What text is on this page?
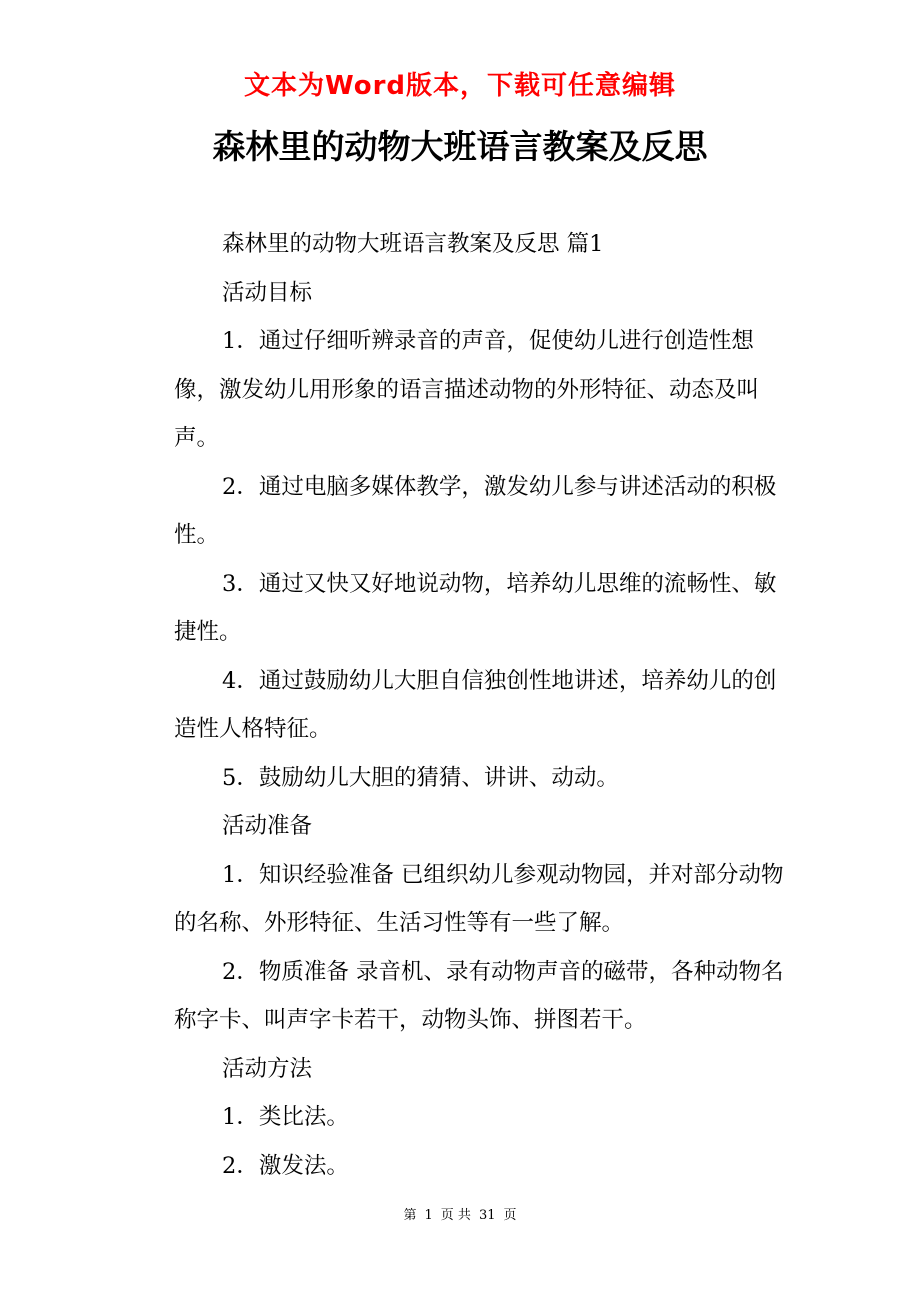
文本为Word版本，下载可任意编辑
森林里的动物大班语言教案及反思

森林里的动物大班语言教案及反思 篇1

活动目标

1．通过仔细听辨录音的声音，促使幼儿进行创造性想像，激发幼儿用形象的语言描述动物的外形特征、动态及叫声。

2．通过电脑多媒体教学，激发幼儿参与讲述活动的积极性。

3．通过又快又好地说动物，培养幼儿思维的流畅性、敏捷性。

4．通过鼓励幼儿大胆自信独创性地讲述，培养幼儿的创造性人格特征。

5．鼓励幼儿大胆的猜猜、讲讲、动动。

活动准备

1．知识经验准备 已组织幼儿参观动物园，并对部分动物的名称、外形特征、生活习性等有一些了解。

2．物质准备 录音机、录有动物声音的磁带，各种动物名称字卡、叫声字卡若干，动物头饰、拼图若干。

活动方法

1．类比法。

2．激发法。

第 1 页 共 31 页
